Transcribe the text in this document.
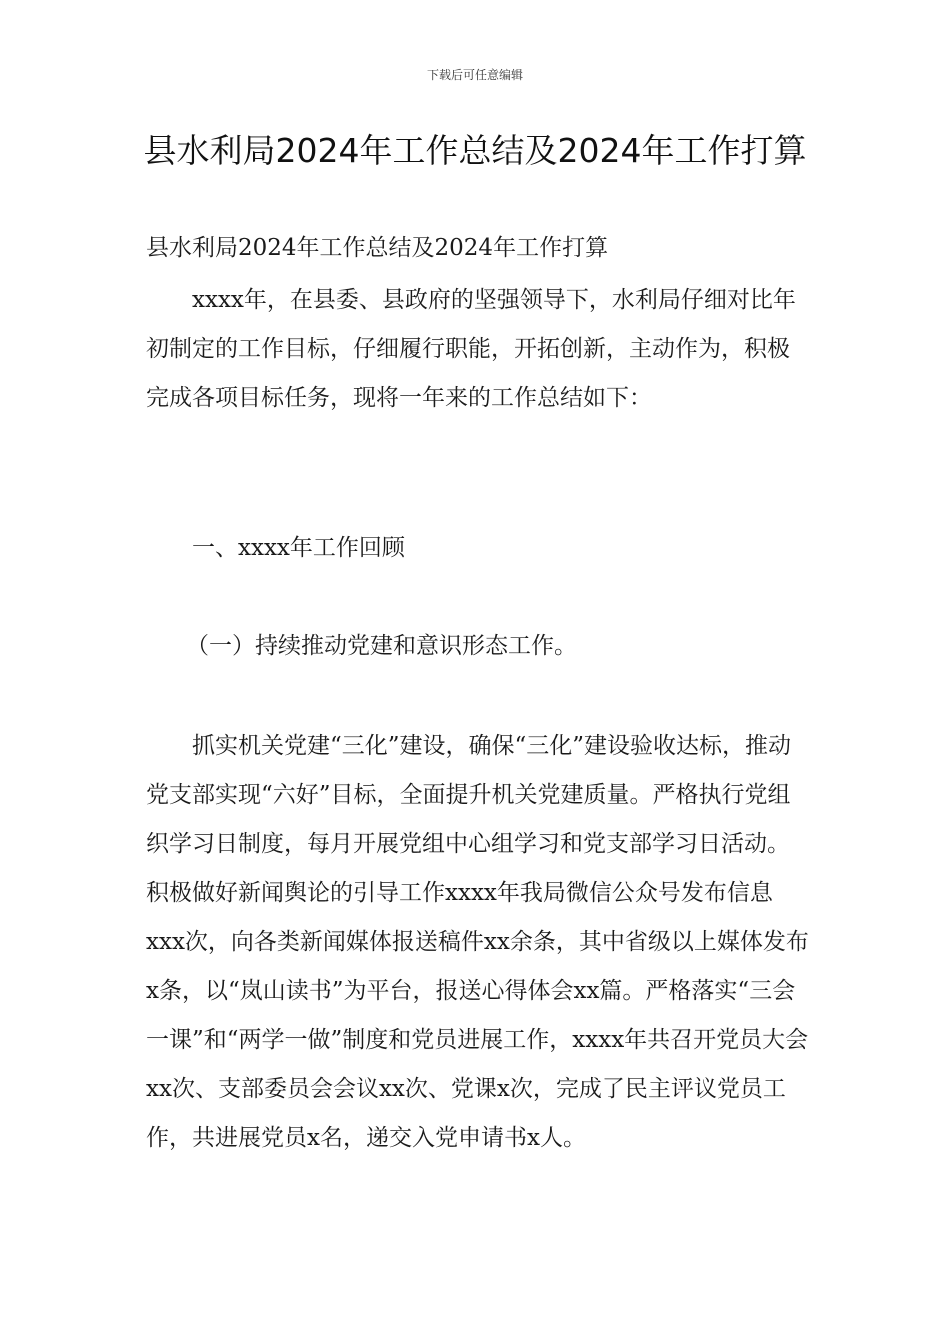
下载后可任意编辑
县水利局2024年工作总结及2024年工作打算

县水利局2024年工作总结及2024年工作打算

xxxx年，在县委、县政府的坚强领导下，水利局仔细对比年初制定的工作目标，仔细履行职能，开拓创新，主动作为，积极完成各项目标任务，现将一年来的工作总结如下：

一、xxxx年工作回顾

（一）持续推动党建和意识形态工作。

抓实机关党建“三化”建设，确保“三化”建设验收达标，推动党支部实现“六好”目标，全面提升机关党建质量。严格执行党组织学习日制度，每月开展党组中心组学习和党支部学习日活动。积极做好新闻舆论的引导工作xxxx年我局微信公众号发布信息xxx次，向各类新闻媒体报送稿件xx余条，其中省级以上媒体发布x条，以“岚山读书”为平台，报送心得体会xx篇。严格落实“三会一课”和“两学一做”制度和党员进展工作，xxxx年共召开党员大会xx次、支部委员会会议xx次、党课x次，完成了民主评议党员工作，共进展党员x名，递交入党申请书x人。
